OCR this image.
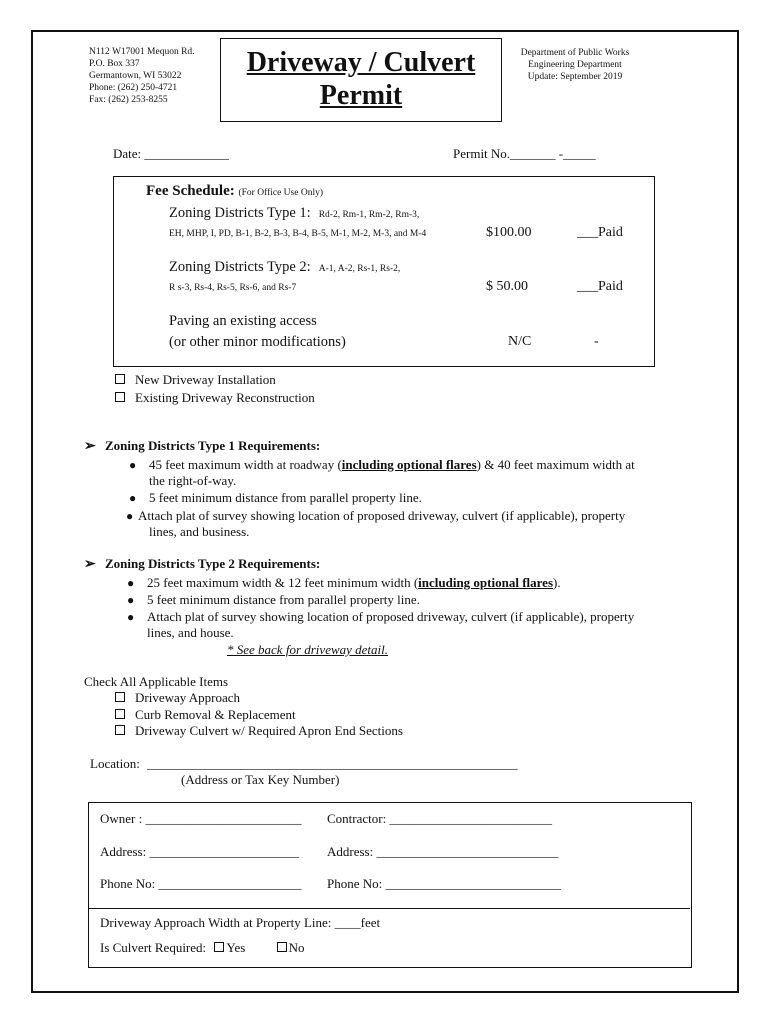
N112 W17001 Mequon Rd.
P.O. Box 337
Germantown, WI 53022
Phone: (262) 250-4721
Fax: (262) 253-8255
Driveway / Culvert
Permit
Department of Public Works
Engineering Department
Update: September 2019
Date: _____________	Permit No._______ -_____
Fee Schedule: (For Office Use Only)
Zoning Districts Type 1: Rd-2, Rm-1, Rm-2, Rm-3,
EH, MHP, I, PD, B-1, B-2, B-3, B-4, B-5, M-1, M-2, M-3, and M-4	$100.00	___Paid
Zoning Districts Type 2: A-1, A-2, Rs-1, Rs-2,
R s-3, Rs-4, Rs-5, Rs-6, and Rs-7	$ 50.00	___Paid
Paving an existing access
(or other minor modifications)	N/C	-
New Driveway Installation
Existing Driveway Reconstruction
➢ Zoning Districts Type 1 Requirements:
● 45 feet maximum width at roadway (including optional flares) & 40 feet maximum width at
the right-of-way.
● 5 feet minimum distance from parallel property line.
● Attach plat of survey showing location of proposed driveway, culvert (if applicable), property
lines, and business.
➢ Zoning Districts Type 2 Requirements:
● 25 feet maximum width & 12 feet minimum width (including optional flares).
● 5 feet minimum distance from parallel property line.
● Attach plat of survey showing location of proposed driveway, culvert (if applicable), property
lines, and house.
* See back for driveway detail.
Check All Applicable Items
Driveway Approach
Curb Removal & Replacement
Driveway Culvert w/ Required Apron End Sections
Location: _________________________________________________________
(Address or Tax Key Number)
Owner : ________________________ Contractor: _________________________
Address: _______________________ Address: ____________________________
Phone No: ______________________ Phone No: ___________________________
Driveway Approach Width at Property Line: ____feet
Is Culvert Required: Yes	No
